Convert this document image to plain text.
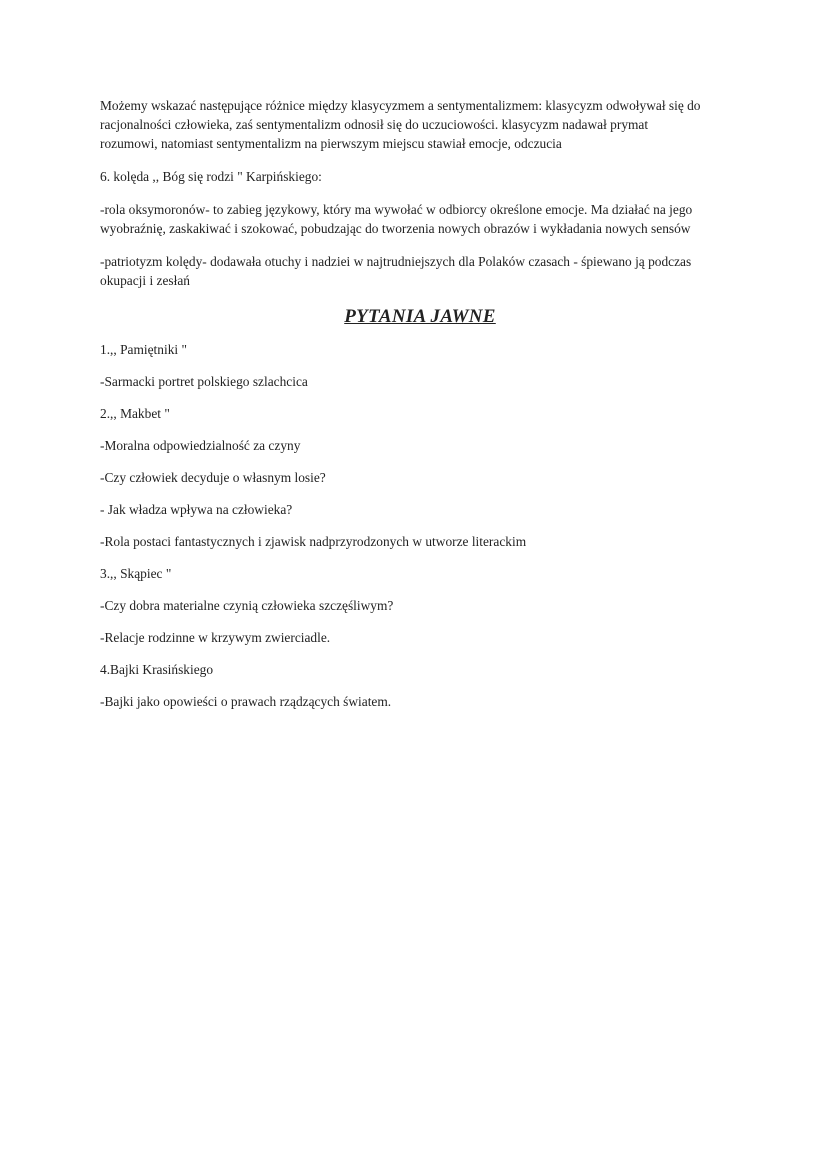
Możemy wskazać następujące różnice między klasycyzmem a sentymentalizmem: klasycyzm odwoływał się do

racjonalności człowieka, zaś sentymentalizm odnosił się do uczuciowości. klasycyzm nadawał prymat

rozumowi, natomiast sentymentalizm na pierwszym miejscu stawiał emocje, odczucia

6. kolęda ,, Bóg się rodzi " Karpińskiego:

-rola oksymoronów- to zabieg językowy, który ma wywołać w odbiorcy określone emocje. Ma działać na jego

wyobraźnię, zaskakiwać i szokować, pobudzając do tworzenia nowych obrazów i wykładania nowych sensów

-patriotyzm kolędy- dodawała otuchy i nadziei w najtrudniejszych dla Polaków czasach - śpiewano ją podczas

okupacji i zesłań

PYTANIA JAWNE

1.,, Pamiętniki "

-Sarmacki portret polskiego szlachcica

2.,, Makbet "

-Moralna odpowiedzialność za czyny

-Czy człowiek decyduje o własnym losie?

- Jak władza wpływa na człowieka?

-Rola postaci fantastycznych i zjawisk nadprzyrodzonych w utworze literackim

3.,, Skąpiec "

-Czy dobra materialne czynią człowieka szczęśliwym?

-Relacje rodzinne w krzywym zwierciadle.

4.Bajki Krasińskiego

-Bajki jako opowieści o prawach rządzących światem.
